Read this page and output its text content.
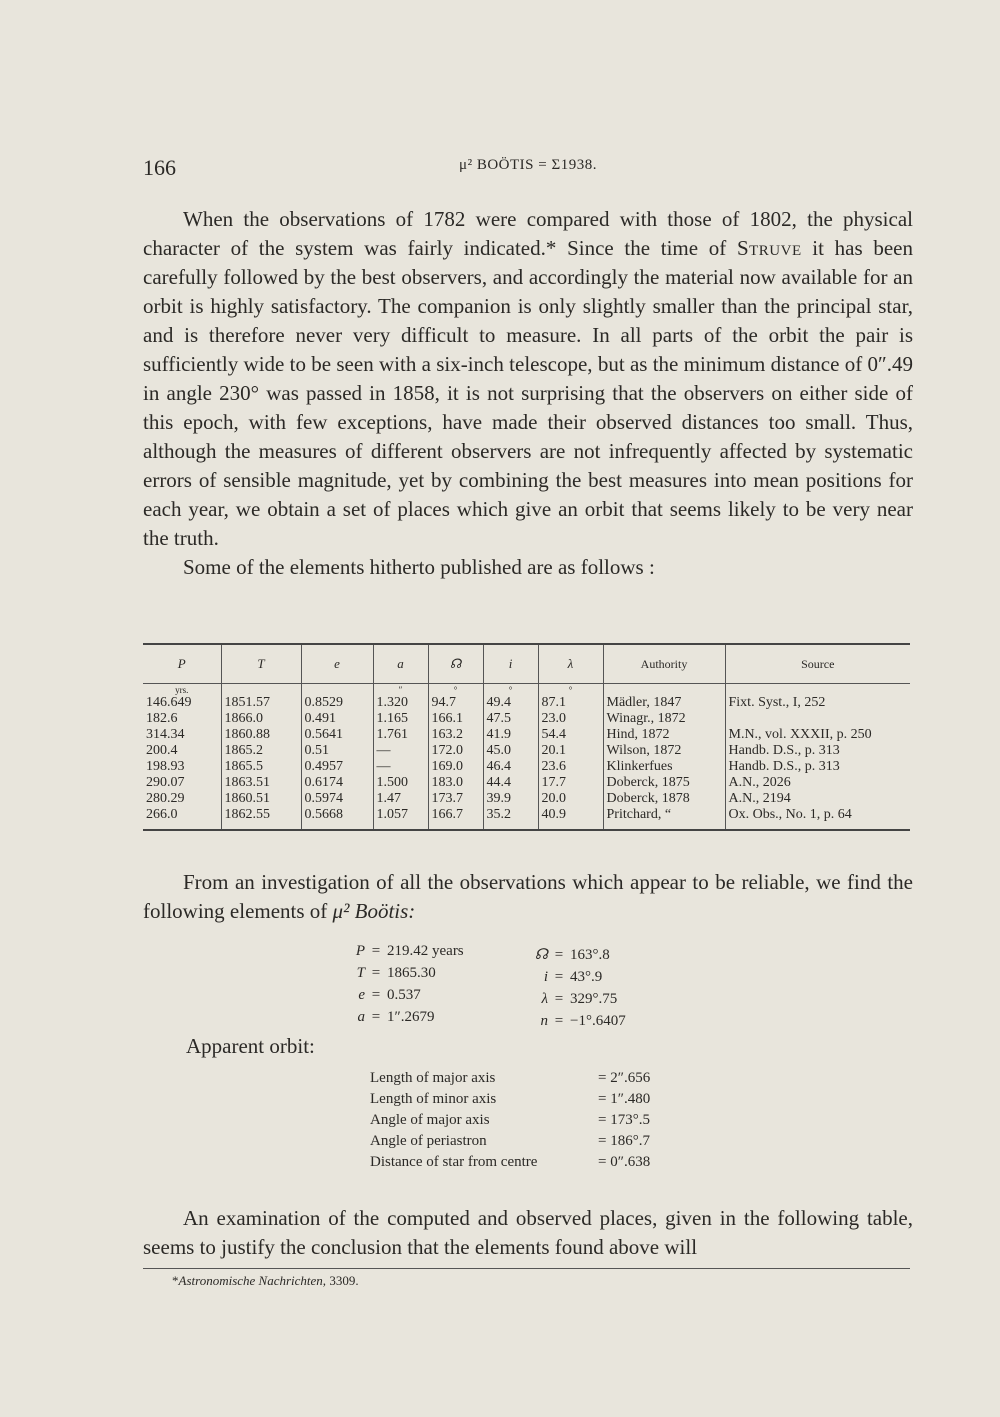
166	μ² BOÖTIS = Σ1938.

When the observations of 1782 were compared with those of 1802, the physical character of the system was fairly indicated.* Since the time of Struve it has been carefully followed by the best observers, and accordingly the material now available for an orbit is highly satisfactory. The companion is only slightly smaller than the principal star, and is therefore never very difficult to measure. In all parts of the orbit the pair is sufficiently wide to be seen with a six-inch telescope, but as the minimum distance of 0″.49 in angle 230° was passed in 1858, it is not surprising that the observers on either side of this epoch, with few exceptions, have made their observed distances too small. Thus, although the measures of different observers are not infrequently affected by systematic errors of sensible magnitude, yet by combining the best measures into mean positions for each year, we obtain a set of places which give an orbit that seems likely to be very near the truth.

Some of the elements hitherto published are as follows :

P	T	e	a	☊	i	λ	Authority	Source
yrs.			″	°	°	°		
146.649	1851.57	0.8529	1.320	94.7	49.4	87.1	Mädler, 1847	Fixt. Syst., I, 252
182.6	1866.0	0.491	1.165	166.1	47.5	23.0	Winagr., 1872	
314.34	1860.88	0.5641	1.761	163.2	41.9	54.4	Hind, 1872	M.N., vol. XXXII, p. 250
200.4	1865.2	0.51	—	172.0	45.0	20.1	Wilson, 1872	Handb. D.S., p. 313
198.93	1865.5	0.4957	—	169.0	46.4	23.6	Klinkerfues	Handb. D.S., p. 313
290.07	1863.51	0.6174	1.500	183.0	44.4	17.7	Doberck, 1875	A.N., 2026
280.29	1860.51	0.5974	1.47	173.7	39.9	20.0	Doberck, 1878	A.N., 2194
266.0	1862.55	0.5668	1.057	166.7	35.2	40.9	Pritchard, “	Ox. Obs., No. 1, p. 64

From an investigation of all the observations which appear to be reliable, we find the following elements of μ² Boötis:

P = 219.42 years
T = 1865.30
e = 0.537
a = 1″.2679
☊ = 163°.8
i = 43°.9
λ = 329°.75
n = −1°.6407
Apparent orbit:
Length of major axis	= 2″.656
Length of minor axis	= 1″.480
Angle of major axis	= 173°.5
Angle of periastron	= 186°.7
Distance of star from centre	= 0″.638

An examination of the computed and observed places, given in the following table, seems to justify the conclusion that the elements found above will

*Astronomische Nachrichten, 3309.
